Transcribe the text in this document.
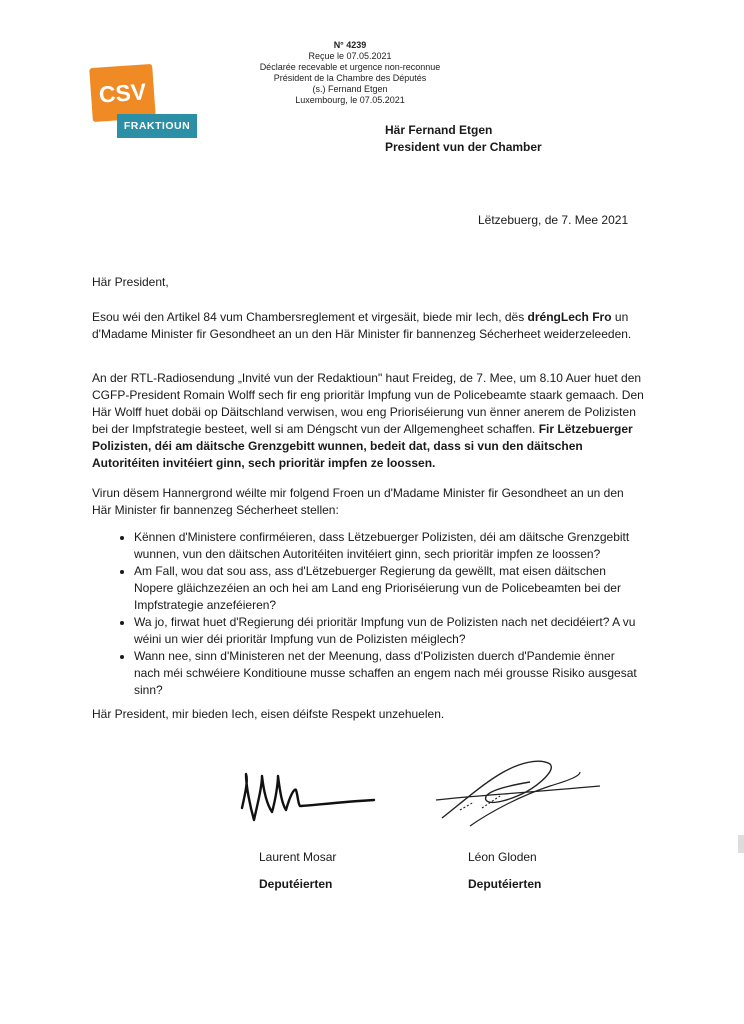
CSV
FRAKTIOUN
N° 4239
Reçue le 07.05.2021
Déclarée recevable et urgence non-reconnue
Président de la Chambre des Députés
(s.) Fernand Etgen
Luxembourg, le 07.05.2021
Här Fernand Etgen
President vun der Chamber
Lëtzebuerg, de 7. Mee 2021
Här President,
Esou wéi den Artikel 84 vum Chambersreglement et virgesäit, biede mir Iech, dës dréngLech Fro un d'Madame Minister fir Gesondheet an un den Här Minister fir bannenzeg Sécherheet weiderzeleeden.
An der RTL-Radiosendung „Invité vun der Redaktioun" haut Freideg, de 7. Mee, um 8.10 Auer huet den CGFP-President Romain Wolff sech fir eng prioritär Impfung vun de Policebeamte staark gemaach. Den Här Wolff huet dobäi op Däitschland verwisen, wou eng Prioriséierung vun ënner anerem de Polizisten bei der Impfstrategie besteet, well si am Déngscht vun der Allgemengheet schaffen. Fir Lëtzebuerger Polizisten, déi am däitsche Grenzgebitt wunnen, bedeit dat, dass si vun den däitschen Autoritéiten invitéiert ginn, sech prioritär impfen ze loossen.
Virun dësem Hannergrond wéilte mir folgend Froen un d'Madame Minister fir Gesondheet an un den Här Minister fir bannenzeg Sécherheet stellen:
• Kënnen d'Ministere confirméieren, dass Lëtzebuerger Polizisten, déi am däitsche Grenzgebitt wunnen, vun den däitschen Autoritéiten invitéiert ginn, sech prioritär impfen ze loossen?
• Am Fall, wou dat sou ass, ass d'Lëtzebuerger Regierung da gewëllt, mat eisen däitschen Nopere gläichzezéien an och hei am Land eng Prioriséierung vun de Policebeamten bei der Impfstrategie anzeféieren?
• Wa jo, firwat huet d'Regierung déi prioritär Impfung vun de Polizisten nach net decidéiert? A vu wéini un wier déi prioritär Impfung vun de Polizisten méiglech?
• Wann nee, sinn d'Ministeren net der Meenung, dass d'Polizisten duerch d'Pandemie ënner nach méi schwéiere Konditioune musse schaffen an engem nach méi grousse Risiko ausgesat sinn?
Här President, mir bieden Iech, eisen déifste Respekt unzehuelen.
Laurent Mosar	Léon Gloden
Deputéierten	Deputéierten
